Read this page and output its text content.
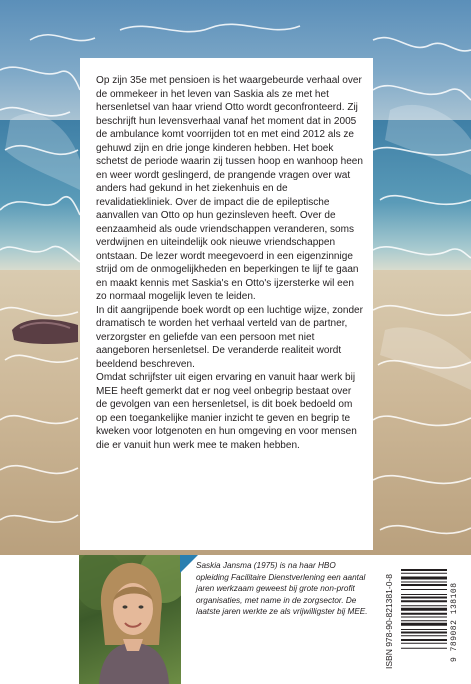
Op zijn 35e met pensioen is het waargebeurde verhaal over de ommekeer in het leven van Saskia als ze met het hersenletsel van haar vriend Otto wordt geconfronteerd. Zij beschrijft hun levensverhaal vanaf het moment dat in 2005 de ambulance komt voorrijden tot en met eind 2012 als ze gehuwd zijn en drie jonge kinderen hebben. Het boek schetst de periode waarin zij tussen hoop en wanhoop heen en weer wordt geslingerd, de prangende vragen over wat anders had gekund in het ziekenhuis en de revalidatiekliniek. Over de impact die de epileptische aanvallen van Otto op hun gezinsleven heeft. Over de eenzaamheid als oude vriendschappen veranderen, soms verdwijnen en uiteindelijk ook nieuwe vriendschappen ontstaan. De lezer wordt meegevoerd in een eigenzinnige strijd om de onmogelijkheden en beperkingen te lijf te gaan en maakt kennis met Saskia's en Otto's ijzersterke wil een zo normaal mogelijk leven te leiden.

In dit aangrijpende boek wordt op een luchtige wijze, zonder dramatisch te worden het verhaal verteld van de partner, verzorgster en geliefde van een persoon met niet aangeboren hersenletsel. De veranderde realiteit wordt beeldend beschreven.

Omdat schrijfster uit eigen ervaring en vanuit haar werk bij MEE heeft gemerkt dat er nog veel onbegrip bestaat over de gevolgen van een hersenletsel, is dit boek bedoeld om op een toegankelijke manier inzicht te geven en begrip te kweken voor lotgenoten en hun omgeving en voor mensen die er vanuit hun werk mee te maken hebben.

Saskia Jansma (1975) is na haar HBO opleiding Facilitaire Dienstverlening een aantal jaren werkzaam geweest bij grote non-profit organisaties, met name in de zorgsector. De laatste jaren werkte ze als vrijwilligster bij MEE. ISBN 978-90-821381-0-8	9 789082 138108
